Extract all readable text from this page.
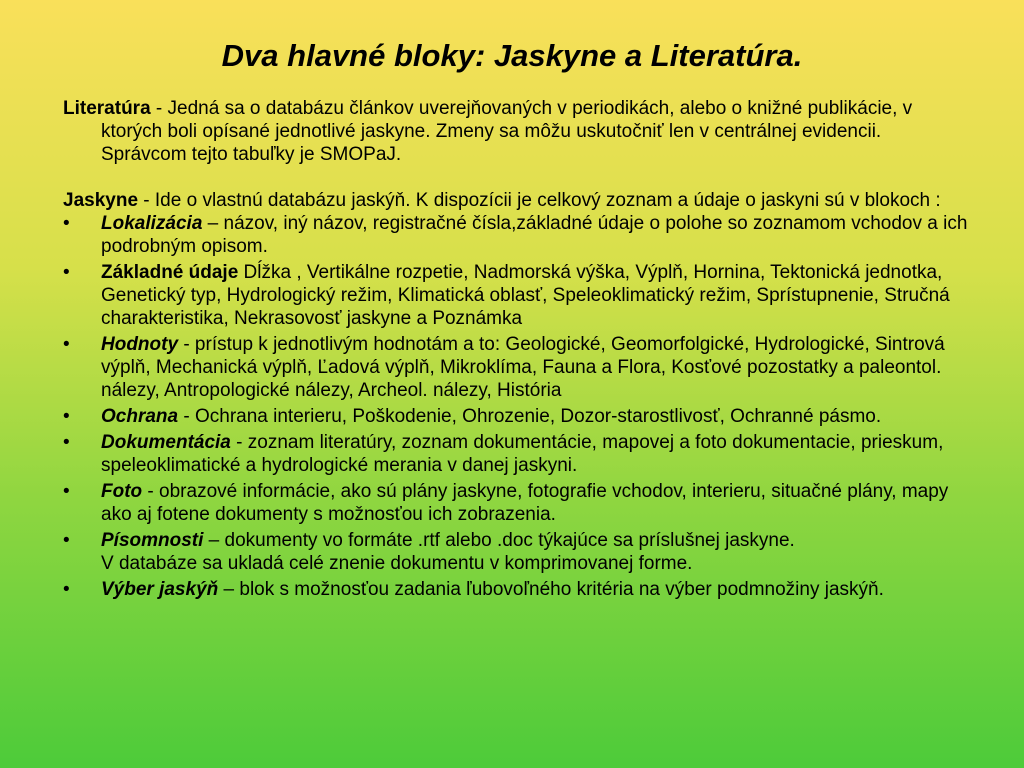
Dva hlavné bloky: Jaskyne a Literatúra.

Literatúra - Jedná sa o databázu článkov uverejňovaných v periodikách, alebo o knižné publikácie, v ktorých boli opísané jednotlivé jaskyne. Zmeny sa môžu uskutočniť len v centrálnej evidencii. Správcom tejto tabuľky je SMOPaJ.

Jaskyne - Ide o vlastnú databázu jaskýň. K dispozícii je celkový zoznam a údaje o jaskyni sú v blokoch :

•	Lokalizácia – názov, iný názov, registračné čísla,základné údaje o polohe so zoznamom vchodov a ich podrobným opisom.
•	Základné údaje Dĺžka , Vertikálne rozpetie, Nadmorská výška, Výplň, Hornina, Tektonická jednotka, Genetický typ, Hydrologický režim, Klimatická oblasť, Speleoklimatický režim, Sprístupnenie, Stručná charakteristika, Nekrasovosť jaskyne a Poznámka
•	Hodnoty - prístup k jednotlivým hodnotám a to: Geologické, Geomorfolgické, Hydrologické, Sintrová výplň, Mechanická výplň, Ľadová výplň, Mikroklíma, Fauna a Flora, Kosťové pozostatky a paleontol. nálezy, Antropologické nálezy, Archeol. nálezy, História
•	Ochrana - Ochrana interieru, Poškodenie, Ohrozenie, Dozor-starostlivosť, Ochranné pásmo.
•	Dokumentácia - zoznam literatúry, zoznam dokumentácie, mapovej a foto dokumentacie, prieskum, speleoklimatické a hydrologické merania v danej jaskyni.
•	Foto - obrazové informácie, ako sú plány jaskyne, fotografie vchodov, interieru, situačné plány, mapy ako aj fotene dokumenty s možnosťou ich zobrazenia.
•	Písomnosti – dokumenty vo formáte .rtf alebo .doc týkajúce sa príslušnej jaskyne.
V databáze sa ukladá celé znenie dokumentu v komprimovanej forme.
•	Výber jaskýň – blok s možnosťou zadania ľubovoľného kritéria na výber podmnožiny jaskýň.
